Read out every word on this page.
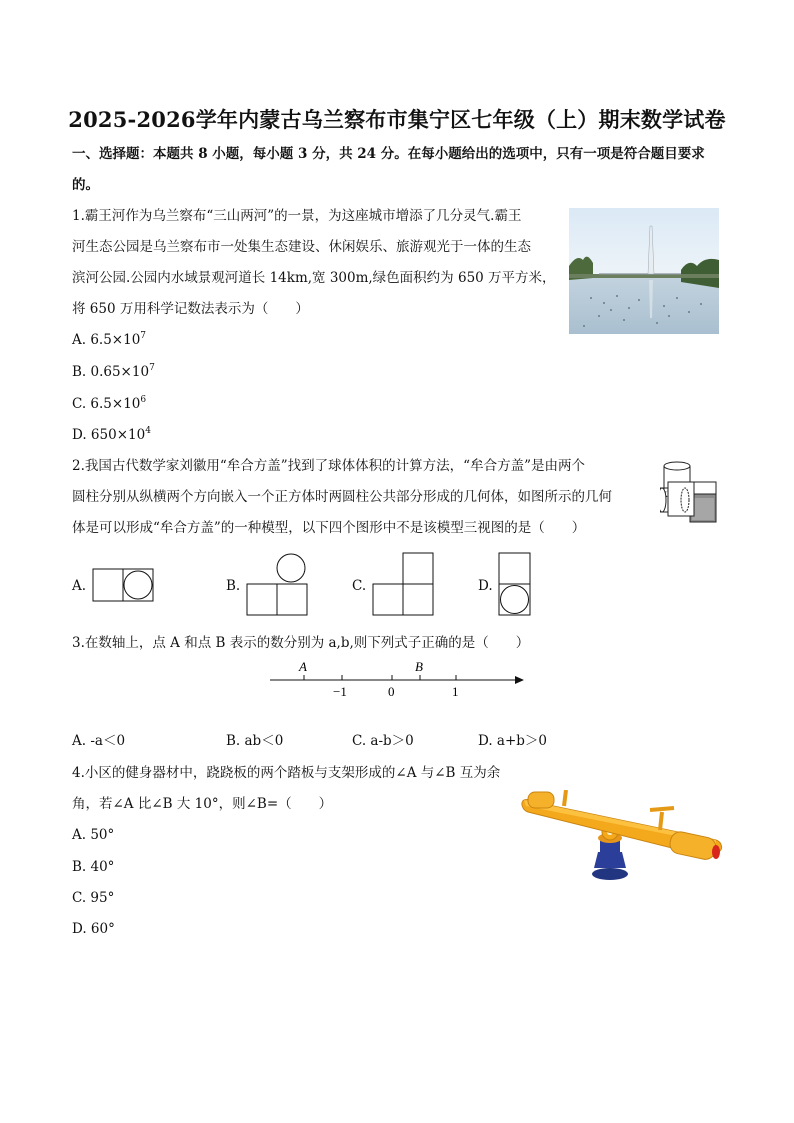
2025-2026学年内蒙古乌兰察布市集宁区七年级（上）期末数学试卷
一、选择题：本题共 8 小题，每小题 3 分，共 24 分。在每小题给出的选项中，只有一项是符合题目要求
的。
1.霸王河作为乌兰察布“三山两河”的一景，为这座城市增添了几分灵气.霸王
河生态公园是乌兰察布市一处集生态建设、休闲娱乐、旅游观光于一体的生态
滨河公园.公园内水域景观河道长 14km,宽 300m,绿色面积约为 650 万平方米，
将 650 万用科学记数法表示为（　　）
A. $6.5\times 10^7$
B. $0.65\times 10^7$
C. $6.5\times 10^6$
D. $650\times 10^4$
2.我国古代数学家刘徽用“牟合方盖”找到了球体体积的计算方法，“牟合方盖”是由两个
圆柱分别从纵横两个方向嵌入一个正方体时两圆柱公共部分形成的几何体，如图所示的几何
体是可以形成“牟合方盖”的一种模型，以下四个图形中不是该模型三视图的是（　　）
A.	B.	C.	D.
3.在数轴上，点 A 和点 B 表示的数分别为 a,b,则下列式子正确的是（　　）
A	B
−1	0	1
A. -a＜0	B. ab＜0	C. a-b＞0	D. a+b＞0
4.小区的健身器材中，跷跷板的两个踏板与支架形成的∠A 与∠B 互为余
角，若∠A 比∠B 大 10°，则∠B=（　　）
A. 50°
B. 40°
C. 95°
D. 60°
